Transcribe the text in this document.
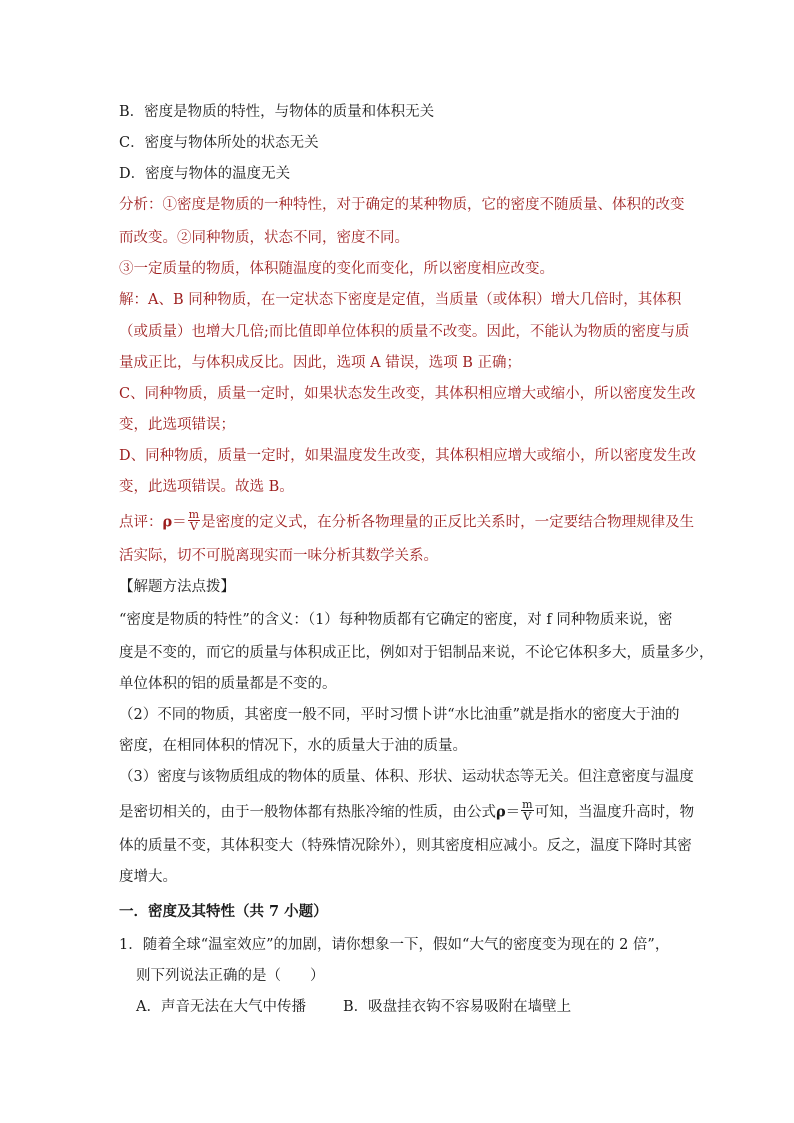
B．密度是物质的特性，与物体的质量和体积无关
C．密度与物体所处的状态无关
D．密度与物体的温度无关
分析：①密度是物质的一种特性，对于确定的某种物质，它的密度不随质量、体积的改变
而改变。②同种物质，状态不同，密度不同。
③一定质量的物质，体积随温度的变化而变化，所以密度相应改变。
解：A、B 同种物质，在一定状态下密度是定值，当质量（或体积）增大几倍时，其体积
（或质量）也增大几倍;而比值即单位体积的质量不改变。因此，不能认为物质的密度与质
量成正比，与体积成反比。因此，选项 A 错误，选项 B 正确；
C、同种物质，质量一定时，如果状态发生改变，其体积相应增大或缩小，所以密度发生改
变，此选项错误；
D、同种物质，质量一定时，如果温度发生改变，其体积相应增大或缩小，所以密度发生改
变，此选项错误。故选 B。
点评：$\rho= \frac{m}{V}$ 是密度的定义式，在分析各物理量的正反比关系时，一定要结合物理规律及生
活实际，切不可脱离现实而一味分析其数学关系。
【解题方法点拨】
“密度是物质的特性”的含义：（1）每种物质都有它确定的密度，对 f 同种物质来说，密
度是不变的，而它的质量与体积成正比，例如对于铝制品来说，不论它体积多大，质量多少，
单位体积的铝的质量都是不变的。
（2）不同的物质，其密度一般不同，平时习惯卜讲“水比油重”就是指水的密度大于油的
密度，在相同体积的情况下，水的质量大于油的质量。
（3）密度与该物质组成的物体的质量、体积、形状、运动状态等无关。但注意密度与温度
是密切相关的，由于一般物体都有热胀冷缩的性质，由公式$\rho= \frac{m}{V}$ 可知，当温度升高时，物
体的质量不变，其体积变大（特殊情况除外），则其密度相应减小。反之，温度下降时其密
度增大。
一．密度及其特性（共 7 小题）
1．随着全球“温室效应”的加剧，请你想象一下，假如“大气的密度变为现在的 2 倍”，
则下列说法正确的是（　　）
A．声音无法在大气中传播	B．吸盘挂衣钩不容易吸附在墙壁上
